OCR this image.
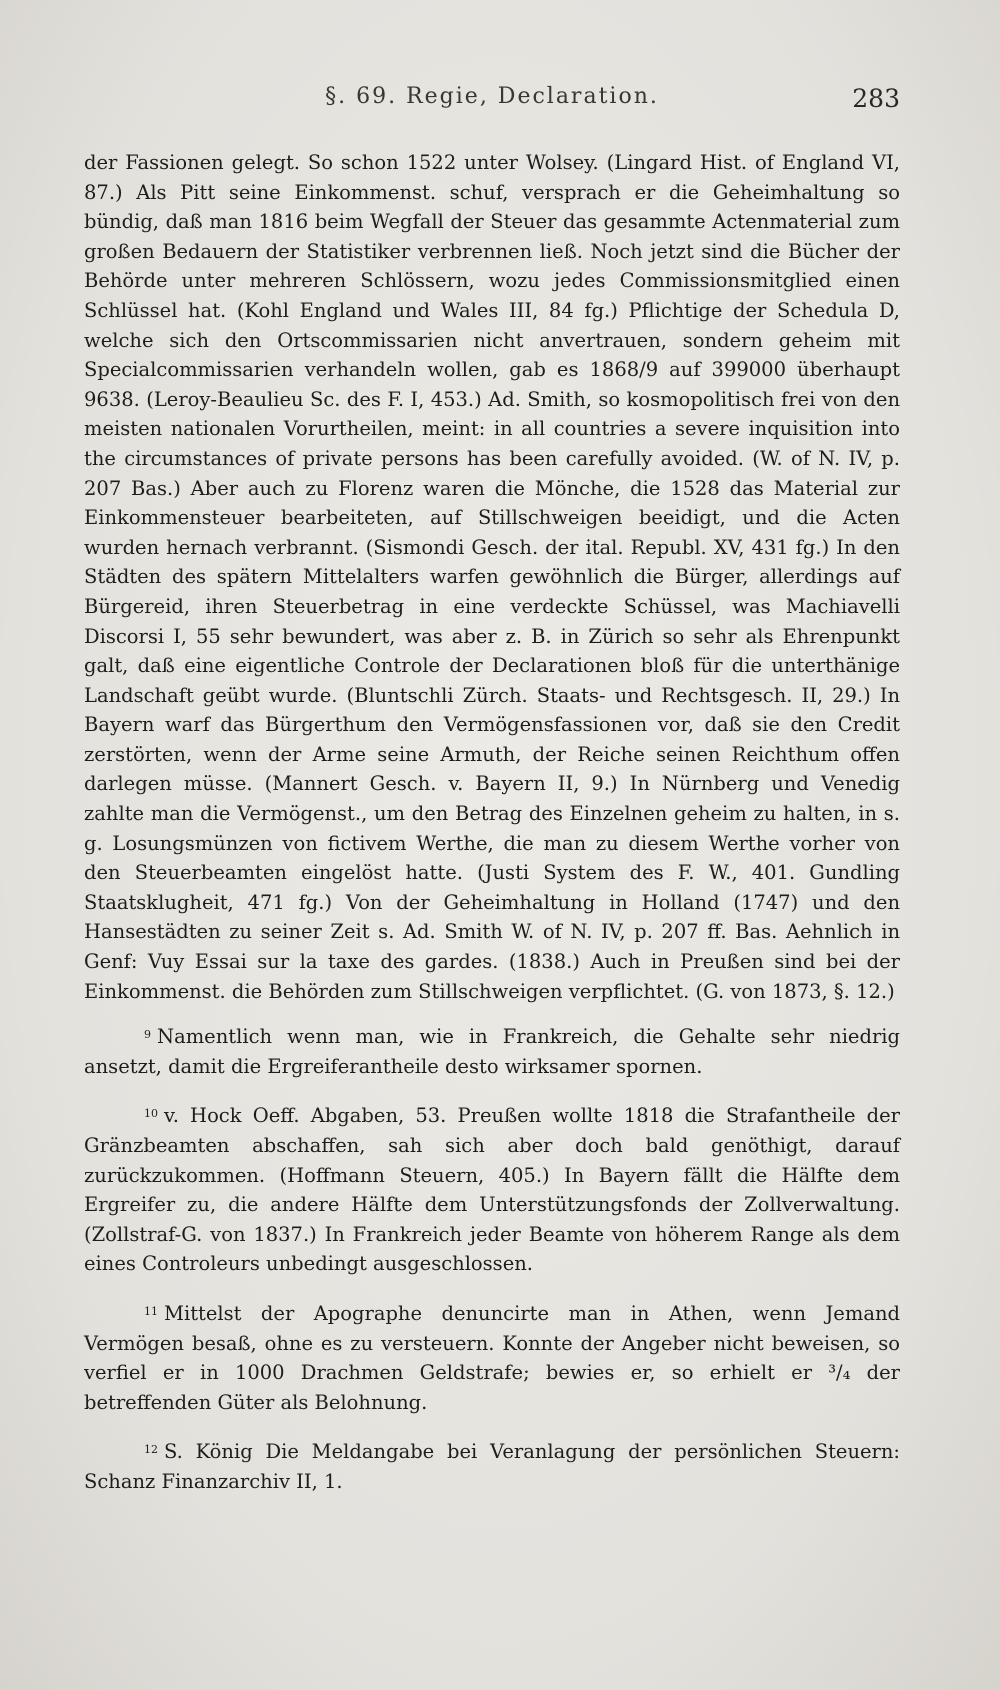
§. 69. Regie, Declaration.	283

der Fassionen gelegt. So schon 1522 unter Wolsey. (Lingard Hist. of England VI, 87.) Als Pitt seine Einkommenst. schuf, versprach er die Geheimhaltung so bündig, daß man 1816 beim Wegfall der Steuer das gesammte Actenmaterial zum großen Bedauern der Statistiker verbrennen ließ. Noch jetzt sind die Bücher der Behörde unter mehreren Schlössern, wozu jedes Commissionsmitglied einen Schlüssel hat. (Kohl England und Wales III, 84 fg.) Pflichtige der Schedula D, welche sich den Ortscommissarien nicht anvertrauen, sondern geheim mit Specialcommissarien verhandeln wollen, gab es 1868/9 auf 399000 überhaupt 9638. (Leroy-Beaulieu Sc. des F. I, 453.) Ad. Smith, so kosmopolitisch frei von den meisten nationalen Vorurtheilen, meint: in all countries a severe inquisition into the circumstances of private persons has been carefully avoided. (W. of N. IV, p. 207 Bas.) Aber auch zu Florenz waren die Mönche, die 1528 das Material zur Einkommensteuer bearbeiteten, auf Stillschweigen beeidigt, und die Acten wurden hernach verbrannt. (Sismondi Gesch. der ital. Republ. XV, 431 fg.) In den Städten des spätern Mittelalters warfen gewöhnlich die Bürger, allerdings auf Bürgereid, ihren Steuerbetrag in eine verdeckte Schüssel, was Machiavelli Discorsi I, 55 sehr bewundert, was aber z. B. in Zürich so sehr als Ehrenpunkt galt, daß eine eigentliche Controle der Declarationen bloß für die unterthänige Landschaft geübt wurde. (Bluntschli Zürch. Staats- und Rechtsgesch. II, 29.) In Bayern warf das Bürgerthum den Vermögensfassionen vor, daß sie den Credit zerstörten, wenn der Arme seine Armuth, der Reiche seinen Reichthum offen darlegen müsse. (Mannert Gesch. v. Bayern II, 9.) In Nürnberg und Venedig zahlte man die Vermögenst., um den Betrag des Einzelnen geheim zu halten, in s. g. Losungsmünzen von fictivem Werthe, die man zu diesem Werthe vorher von den Steuerbeamten eingelöst hatte. (Justi System des F. W., 401. Gundling Staatsklugheit, 471 fg.) Von der Geheimhaltung in Holland (1747) und den Hansestädten zu seiner Zeit s. Ad. Smith W. of N. IV, p. 207 ff. Bas. Aehnlich in Genf: Vuy Essai sur la taxe des gardes. (1838.) Auch in Preußen sind bei der Einkommenst. die Behörden zum Stillschweigen verpflichtet. (G. von 1873, §. 12.)

$^9$ Namentlich wenn man, wie in Frankreich, die Gehalte sehr niedrig ansetzt, damit die Ergreiferantheile desto wirksamer spornen.

$^{10}$ v. Hock Oeff. Abgaben, 53. Preußen wollte 1818 die Strafantheile der Gränzbeamten abschaffen, sah sich aber doch bald genöthigt, darauf zurückzukommen. (Hoffmann Steuern, 405.) In Bayern fällt die Hälfte dem Ergreifer zu, die andere Hälfte dem Unterstützungsfonds der Zollverwaltung. (Zollstraf-G. von 1837.) In Frankreich jeder Beamte von höherem Range als dem eines Controleurs unbedingt ausgeschlossen.

$^{11}$ Mittelst der Apographe denuncirte man in Athen, wenn Jemand Vermögen besaß, ohne es zu versteuern. Konnte der Angeber nicht beweisen, so verfiel er in 1000 Drachmen Geldstrafe; bewies er, so erhielt er ³/₄ der betreffenden Güter als Belohnung.

$^{12}$ S. König Die Meldangabe bei Veranlagung der persönlichen Steuern: Schanz Finanzarchiv II, 1.
